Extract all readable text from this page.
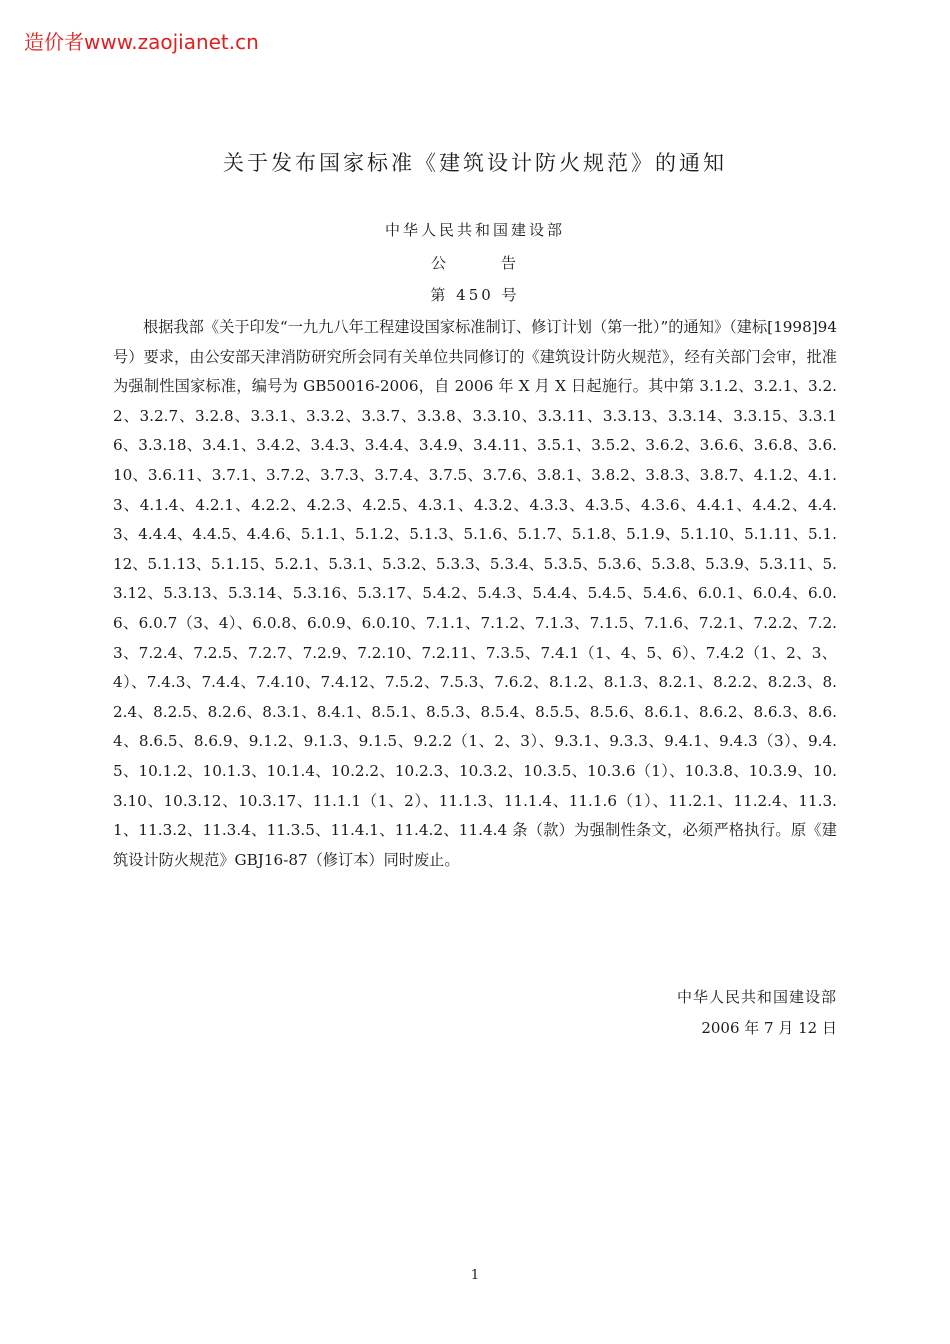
造价者www.zaojianet.cn
关于发布国家标准《建筑设计防火规范》的通知
中华人民共和国建设部
公	告
第 450 号

根据我部《关于印发“一九九八年工程建设国家标准制订、修订计划（第一批）”的通知》（建标[1998]94 号）要求，由公安部天津消防研究所会同有关单位共同修订的《建筑设计防火规范》，经有关部门会审，批准为强制性国家标准，编号为 GB50016-2006，自 2006 年 X 月 X 日起施行。其中第 3.1.2、3.2.1、3.2.2、3.2.7、3.2.8、3.3.1、3.3.2、3.3.7、3.3.8、3.3.10、3.3.11、3.3.13、3.3.14、3.3.15、3.3.16、3.3.18、3.4.1、3.4.2、3.4.3、3.4.4、3.4.9、3.4.11、3.5.1、3.5.2、3.6.2、3.6.6、3.6.8、3.6.10、3.6.11、3.7.1、3.7.2、3.7.3、3.7.4、3.7.5、3.7.6、3.8.1、3.8.2、3.8.3、3.8.7、4.1.2、4.1.3、4.1.4、4.2.1、4.2.2、4.2.3、4.2.5、4.3.1、4.3.2、4.3.3、4.3.5、4.3.6、4.4.1、4.4.2、4.4.3、4.4.4、4.4.5、4.4.6、5.1.1、5.1.2、5.1.3、5.1.6、5.1.7、5.1.8、5.1.9、5.1.10、5.1.11、5.1.12、5.1.13、5.1.15、5.2.1、5.3.1、5.3.2、5.3.3、5.3.4、5.3.5、5.3.6、5.3.8、5.3.9、5.3.11、5.3.12、5.3.13、5.3.14、5.3.16、5.3.17、5.4.2、5.4.3、5.4.4、5.4.5、5.4.6、6.0.1、6.0.4、6.0.6、6.0.7（3、4）、6.0.8、6.0.9、6.0.10、7.1.1、7.1.2、7.1.3、7.1.5、7.1.6、7.2.1、7.2.2、7.2.3、7.2.4、7.2.5、7.2.7、7.2.9、7.2.10、7.2.11、7.3.5、7.4.1（1、4、5、6）、7.4.2（1、2、3、4）、7.4.3、7.4.4、7.4.10、7.4.12、7.5.2、7.5.3、7.6.2、8.1.2、8.1.3、8.2.1、8.2.2、8.2.3、8.2.4、8.2.5、8.2.6、8.3.1、8.4.1、8.5.1、8.5.3、8.5.4、8.5.5、8.5.6、8.6.1、8.6.2、8.6.3、8.6.4、8.6.5、8.6.9、9.1.2、9.1.3、9.1.5、9.2.2（1、2、3）、9.3.1、9.3.3、9.4.1、9.4.3（3）、9.4.5、10.1.2、10.1.3、10.1.4、10.2.2、10.2.3、10.3.2、10.3.5、10.3.6（1）、10.3.8、10.3.9、10.3.10、10.3.12、10.3.17、11.1.1（1、2）、11.1.3、11.1.4、11.1.6（1）、11.2.1、11.2.4、11.3.1、11.3.2、11.3.4、11.3.5、11.4.1、11.4.2、11.4.4 条（款）为强制性条文，必须严格执行。原《建筑设计防火规范》GBJ16-87（修订本）同时废止。

中华人民共和国建设部
2006 年 7 月 12 日
1
